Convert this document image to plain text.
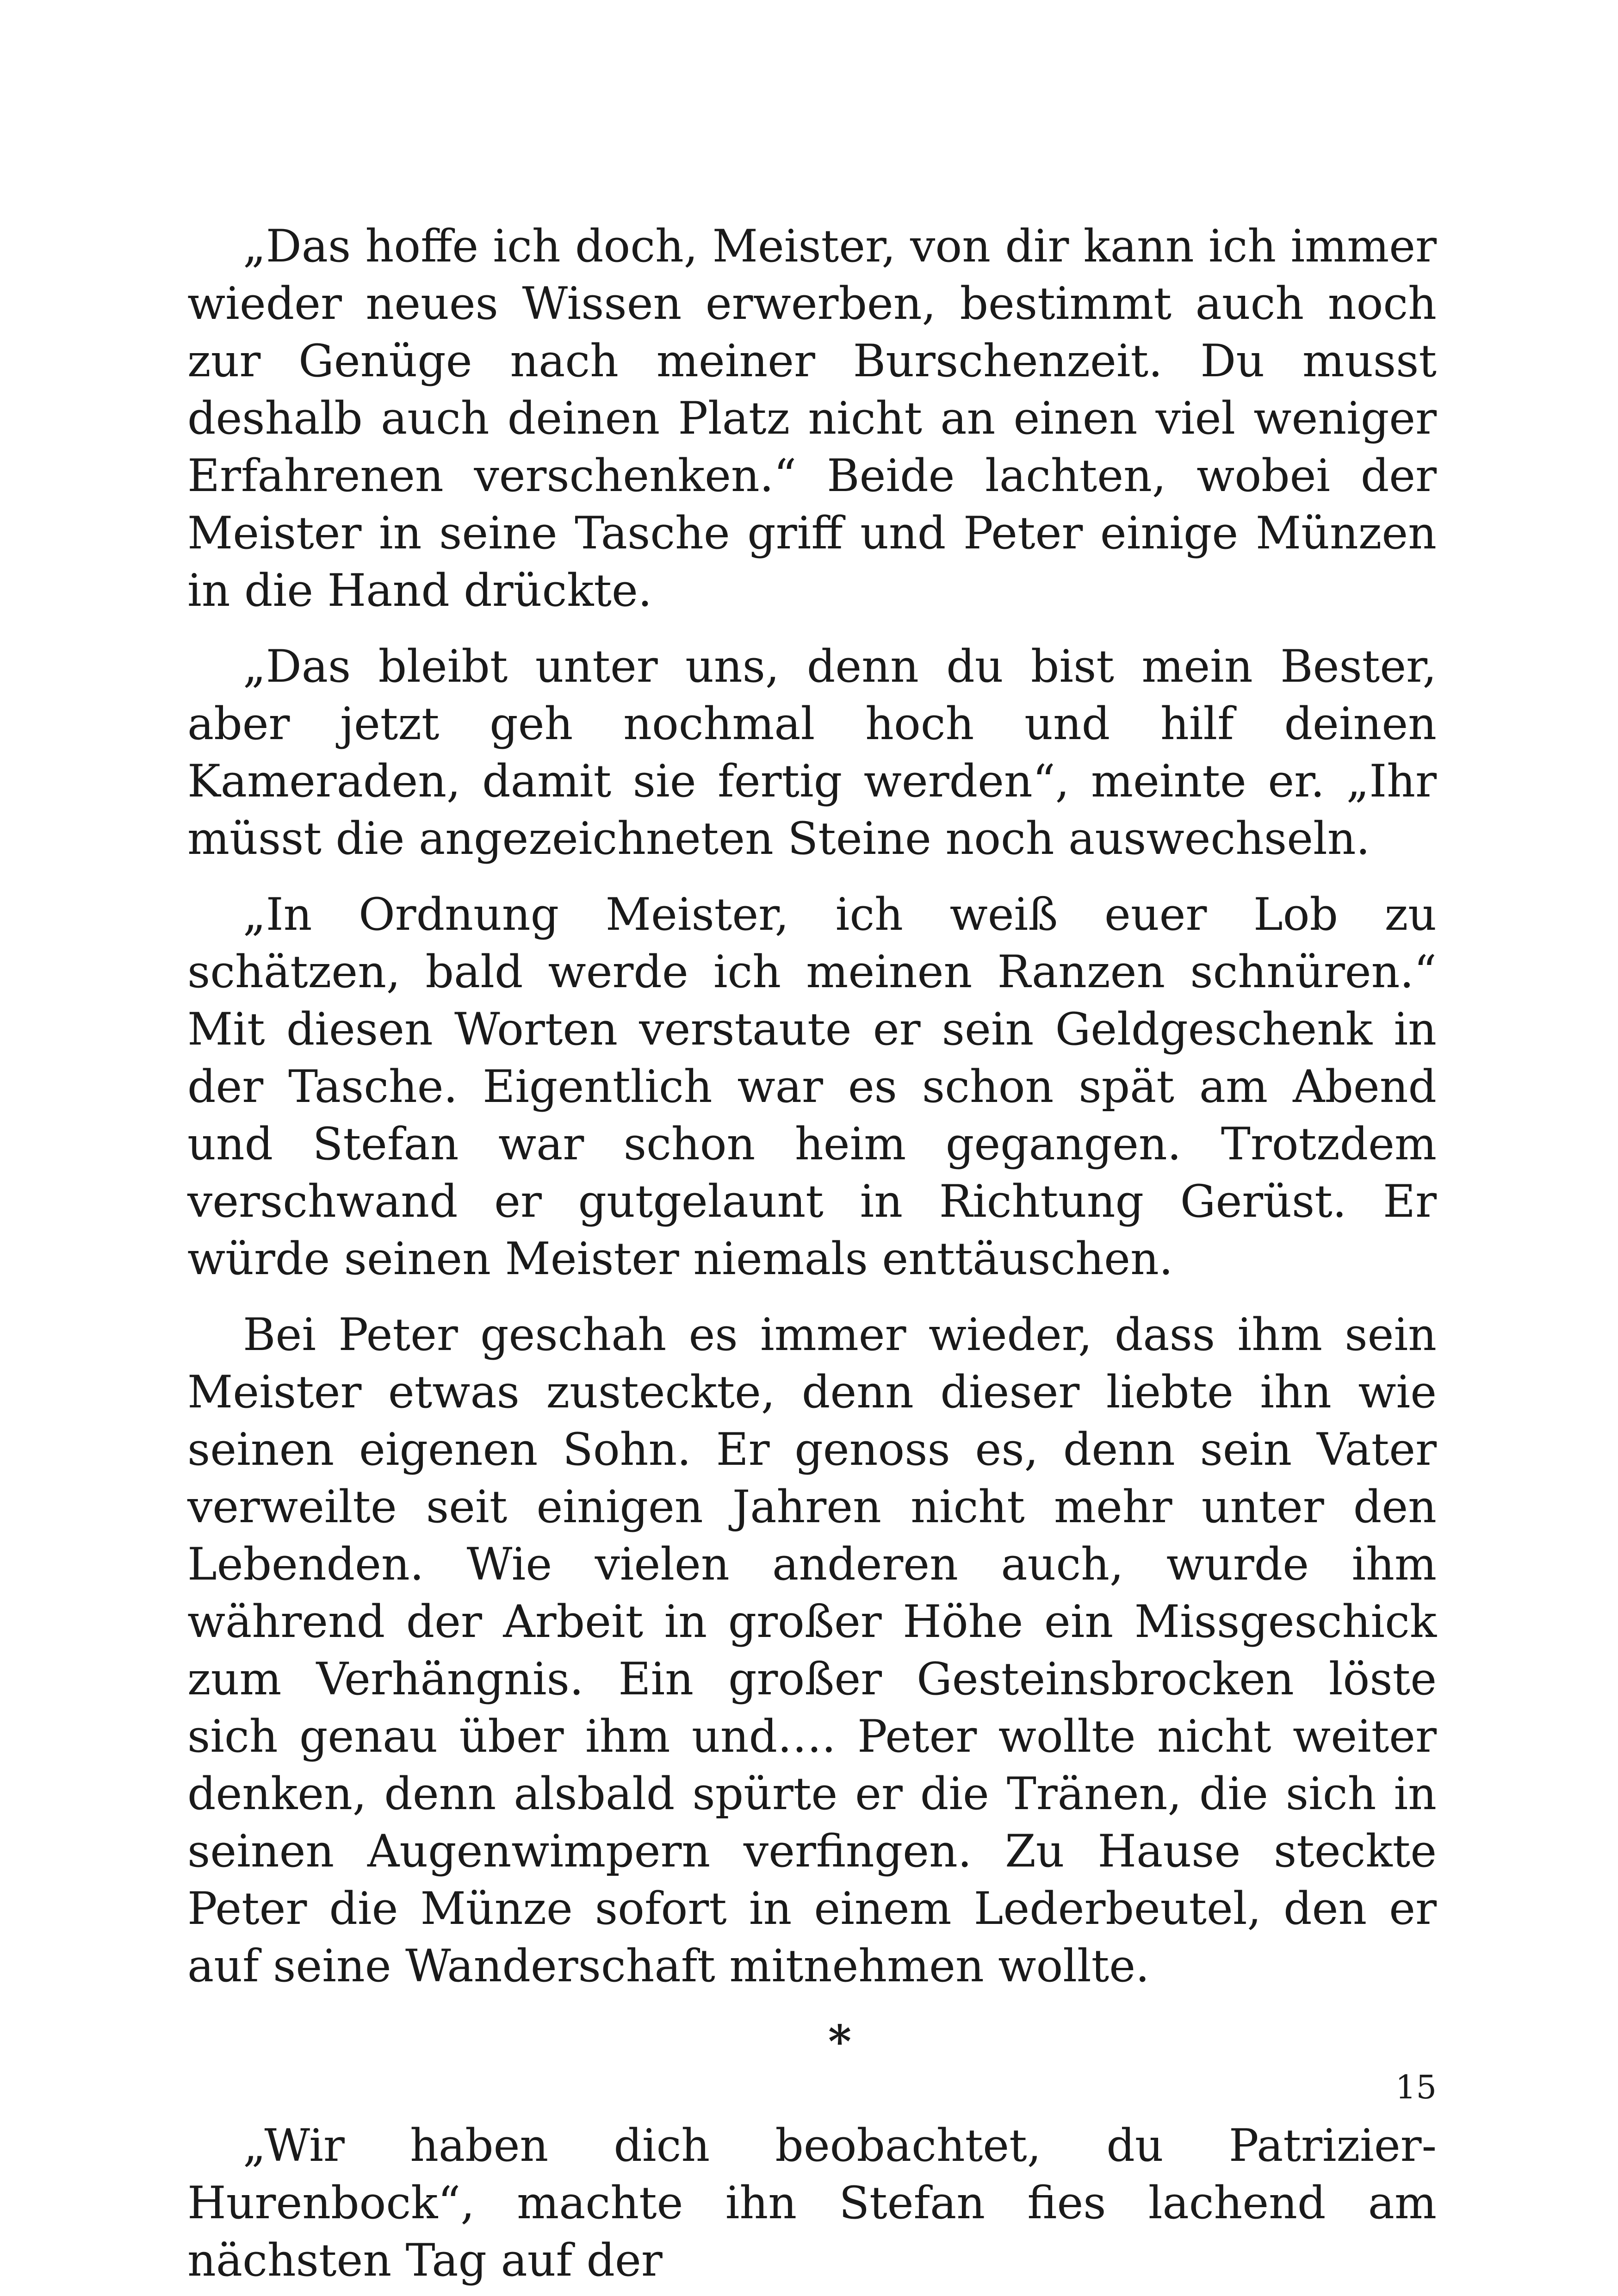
„Das hoffe ich doch, Meister, von dir kann ich immer wieder neues Wissen erwerben, bestimmt auch noch zur Genüge nach meiner Burschenzeit. Du musst deshalb auch deinen Platz nicht an einen viel weniger Erfahrenen verschenken.“ Beide lachten, wobei der Meister in seine Tasche griff und Peter einige Münzen in die Hand drückte.

„Das bleibt unter uns, denn du bist mein Bester, aber jetzt geh nochmal hoch und hilf deinen Kameraden, damit sie fertig werden“, meinte er. „Ihr müsst die angezeichneten Steine noch auswechseln.

„In Ordnung Meister, ich weiß euer Lob zu schätzen, bald werde ich meinen Ranzen schnüren.“ Mit diesen Worten verstaute er sein Geldgeschenk in der Tasche. Eigentlich war es schon spät am Abend und Stefan war schon heim gegangen. Trotzdem verschwand er gutgelaunt in Richtung Gerüst. Er würde seinen Meister niemals enttäuschen.

Bei Peter geschah es immer wieder, dass ihm sein Meister etwas zusteckte, denn dieser liebte ihn wie seinen eigenen Sohn. Er genoss es, denn sein Vater verweilte seit einigen Jahren nicht mehr unter den Lebenden. Wie vielen anderen auch, wurde ihm während der Arbeit in großer Höhe ein Missgeschick zum Verhängnis. Ein großer Gesteinsbrocken löste sich genau über ihm und…. Peter wollte nicht weiter denken, denn alsbald spürte er die Tränen, die sich in seinen Augenwimpern verfingen. Zu Hause steckte Peter die Münze sofort in einem Lederbeutel, den er auf seine Wanderschaft mitnehmen wollte.

*

„Wir haben dich beobachtet, du Patrizier-Hurenbock“, machte ihn Stefan fies lachend am nächsten Tag auf der

15
